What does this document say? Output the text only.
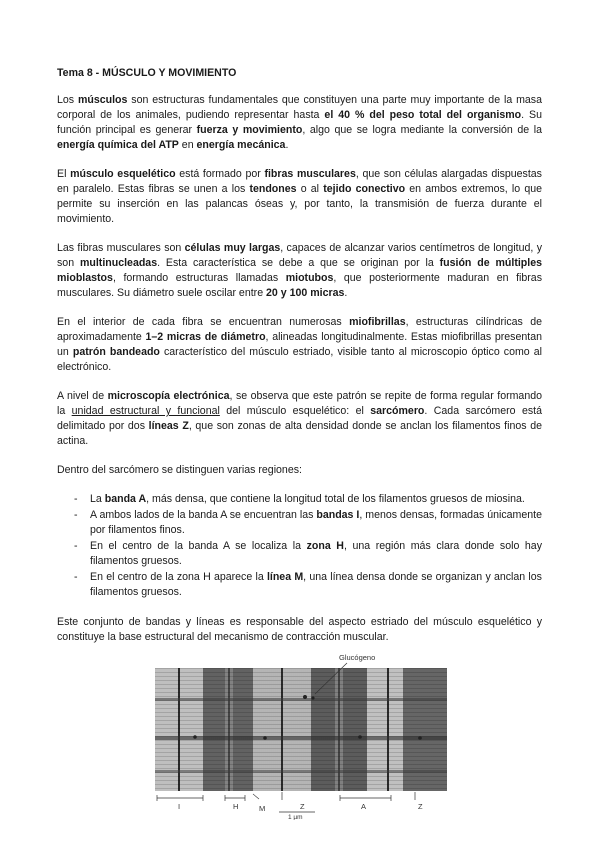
Tema 8 - MÚSCULO Y MOVIMIENTO

Los músculos son estructuras fundamentales que constituyen una parte muy importante de la masa corporal de los animales, pudiendo representar hasta el 40 % del peso total del organismo. Su función principal es generar fuerza y movimiento, algo que se logra mediante la conversión de la energía química del ATP en energía mecánica.

El músculo esquelético está formado por fibras musculares, que son células alargadas dispuestas en paralelo. Estas fibras se unen a los tendones o al tejido conectivo en ambos extremos, lo que permite su inserción en las palancas óseas y, por tanto, la transmisión de fuerza durante el movimiento.

Las fibras musculares son células muy largas, capaces de alcanzar varios centímetros de longitud, y son multinucleadas. Esta característica se debe a que se originan por la fusión de múltiples mioblastos, formando estructuras llamadas miotubos, que posteriormente maduran en fibras musculares. Su diámetro suele oscilar entre 20 y 100 micras.

En el interior de cada fibra se encuentran numerosas miofibrillas, estructuras cilíndricas de aproximadamente 1–2 micras de diámetro, alineadas longitudinalmente. Estas miofibrillas presentan un patrón bandeado característico del músculo estriado, visible tanto al microscopio óptico como al electrónico.

A nivel de microscopía electrónica, se observa que este patrón se repite de forma regular formando la unidad estructural y funcional del músculo esquelético: el sarcómero. Cada sarcómero está delimitado por dos líneas Z, que son zonas de alta densidad donde se anclan los filamentos finos de actina.

Dentro del sarcómero se distinguen varias regiones:

- La banda A, más densa, que contiene la longitud total de los filamentos gruesos de miosina.
- A ambos lados de la banda A se encuentran las bandas I, menos densas, formadas únicamente por filamentos finos.
- En el centro de la banda A se localiza la zona H, una región más clara donde solo hay filamentos gruesos.
- En el centro de la zona H aparece la línea M, una línea densa donde se organizan y anclan los filamentos gruesos.

Este conjunto de bandas y líneas es responsable del aspecto estriado del músculo esquelético y constituye la base estructural del mecanismo de contracción muscular.

Glucógeno
I	H	M	Z	A	Z
1 µm
